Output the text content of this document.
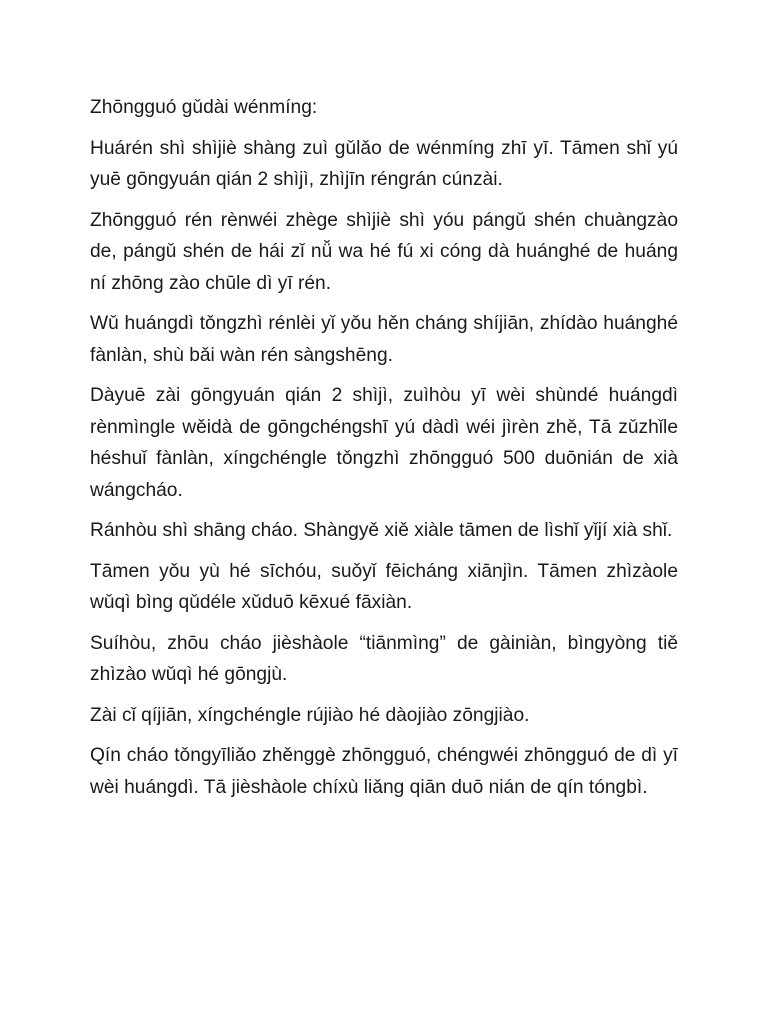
Zhōngguó gǔdài wénmíng:

Huárén shì shìjiè shàng zuì gǔlǎo de wénmíng zhī yī. Tāmen shǐ yú yuē gōngyuán qián 2 shìjì, zhìjīn réngrán cúnzài.

Zhōngguó rén rènwéi zhège shìjiè shì yóu pángǔ shén chuàngzào de, pángǔ shén de hái zǐ nǚ wa hé fú xi cóng dà huánghé de huáng ní zhōng zào chūle dì yī rén.

Wǔ huángdì tǒngzhì rénlèi yǐ yǒu hěn cháng shíjiān, zhídào huánghé fànlàn, shù bǎi wàn rén sàngshēng.

Dàyuē zài gōngyuán qián 2 shìjì, zuìhòu yī wèi shùndé huángdì rènmìngle wěidà de gōngchéngshī yú dàdì wéi jìrèn zhě, Tā zǔzhǐle héshuǐ fànlàn, xíngchéngle tǒngzhì zhōngguó 500 duōnián de xià wángcháo.

Ránhòu shì shāng cháo. Shàngyě xiě xiàle tāmen de lìshǐ yǐjí xià shǐ.

Tāmen yǒu yù hé sīchóu, suǒyǐ fēicháng xiānjìn. Tāmen zhìzàole wǔqì bìng qǔdéle xǔduō kēxué fāxiàn.

Suíhòu, zhōu cháo jièshàole “tiānmìng” de gàiniàn, bìngyòng tiě zhìzào wǔqì hé gōngjù.

Zài cǐ qíjiān, xíngchéngle rújiào hé dàojiào zōngjiào.

Qín cháo tǒngyīliǎo zhěnggè zhōngguó, chéngwéi zhōngguó de dì yī wèi huángdì. Tā jièshàole chíxù liǎng qiān duō nián de qín tóngbì.
